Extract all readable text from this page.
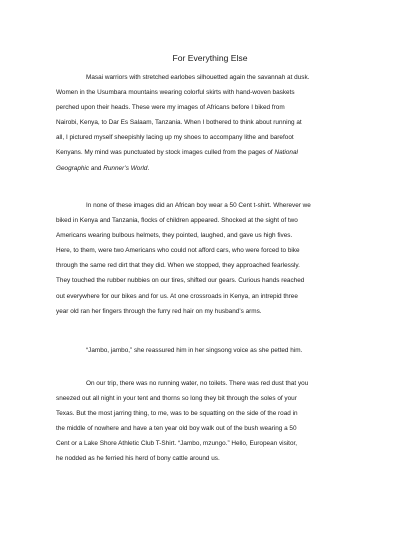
For Everything Else
Masai warriors with stretched earlobes silhouetted again the savannah at dusk.
Women in the Usumbara mountains wearing colorful skirts with hand-woven baskets
perched upon their heads. These were my images of Africans before I biked from
Nairobi, Kenya, to Dar Es Salaam, Tanzania. When I bothered to think about running at
all, I pictured myself sheepishly lacing up my shoes to accompany lithe and barefoot
Kenyans. My mind was punctuated by stock images culled from the pages of National
Geographic and Runner’s World.
In none of these images did an African boy wear a 50 Cent t-shirt. Wherever we
biked in Kenya and Tanzania, flocks of children appeared. Shocked at the sight of two
Americans wearing bulbous helmets, they pointed, laughed, and gave us high fives.
Here, to them, were two Americans who could not afford cars, who were forced to bike
through the same red dirt that they did. When we stopped, they approached fearlessly.
They touched the rubber nubbies on our tires, shifted our gears. Curious hands reached
out everywhere for our bikes and for us. At one crossroads in Kenya, an intrepid three
year old ran her fingers through the furry red hair on my husband’s arms.
“Jambo, jambo,” she reassured him in her singsong voice as she petted him.
On our trip, there was no running water, no toilets. There was red dust that you
sneezed out all night in your tent and thorns so long they bit through the soles of your
Texas. But the most jarring thing, to me, was to be squatting on the side of the road in
the middle of nowhere and have a ten year old boy walk out of the bush wearing a 50
Cent or a Lake Shore Athletic Club T-Shirt. “Jambo, mzungo.” Hello, European visitor,
he nodded as he ferried his herd of bony cattle around us.
